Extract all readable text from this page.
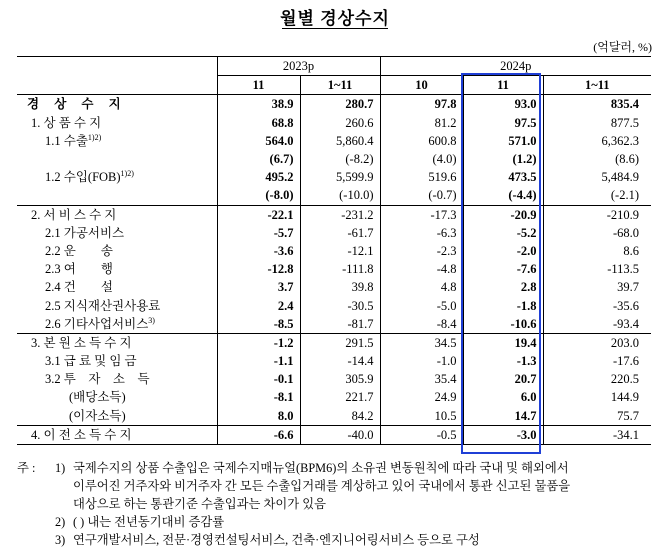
월별 경상수지
(억달러, %)
	2023p		2024p		
	11	1~11	10	11	1~11
경 상 수 지	38.9	280.7	97.8	93.0	835.4
1. 상 품 수 지	68.8	260.6	81.2	97.5	877.5
1.1 수출$^{1)2)}$	564.0	5,860.4	600.8	571.0	6,362.3
	(6.7)	(-8.2)	(4.0)	(1.2)	(8.6)
1.2 수입(FOB)$^{1)2)}$	495.2	5,599.9	519.6	473.5	5,484.9
	(-8.0)	(-10.0)	(-0.7)	(-4.4)	(-2.1)
2. 서 비 스 수 지	-22.1	-231.2	-17.3	-20.9	-210.9
2.1 가공서비스	-5.7	-61.7	-6.3	-5.2	-68.0
2.2 운　　송	-3.6	-12.1	-2.3	-2.0	8.6
2.3 여　　행	-12.8	-111.8	-4.8	-7.6	-113.5
2.4 건　　설	3.7	39.8	4.8	2.8	39.7
2.5 지식재산권사용료	2.4	-30.5	-5.0	-1.8	-35.6
2.6 기타사업서비스$^{3)}$	-8.5	-81.7	-8.4	-10.6	-93.4
3. 본 원 소 득 수 지	-1.2	291.5	34.5	19.4	203.0
3.1 급 료 및 임 금	-1.1	-14.4	-1.0	-1.3	-17.6
3.2 투　자　소　득	-0.1	305.9	35.4	20.7	220.5
(배당소득)	-8.1	221.7	24.9	6.0	144.9
(이자소득)	8.0	84.2	10.5	14.7	75.7
4. 이 전 소 득 수 지	-6.6	-40.0	-0.5	-3.0	-34.1
주 :	1) 국제수지의 상품 수출입은 국제수지매뉴얼(BPM6)의 소유권 변동원칙에 따라 국내 및 해외에서
이루어진 거주자와 비거주자 간 모든 수출입거래를 계상하고 있어 국내에서 통관 신고된 물품을
대상으로 하는 통관기준 수출입과는 차이가 있음
2) ( ) 내는 전년동기대비 증감률
3) 연구개발서비스, 전문·경영컨설팅서비스, 건축·엔지니어링서비스 등으로 구성
